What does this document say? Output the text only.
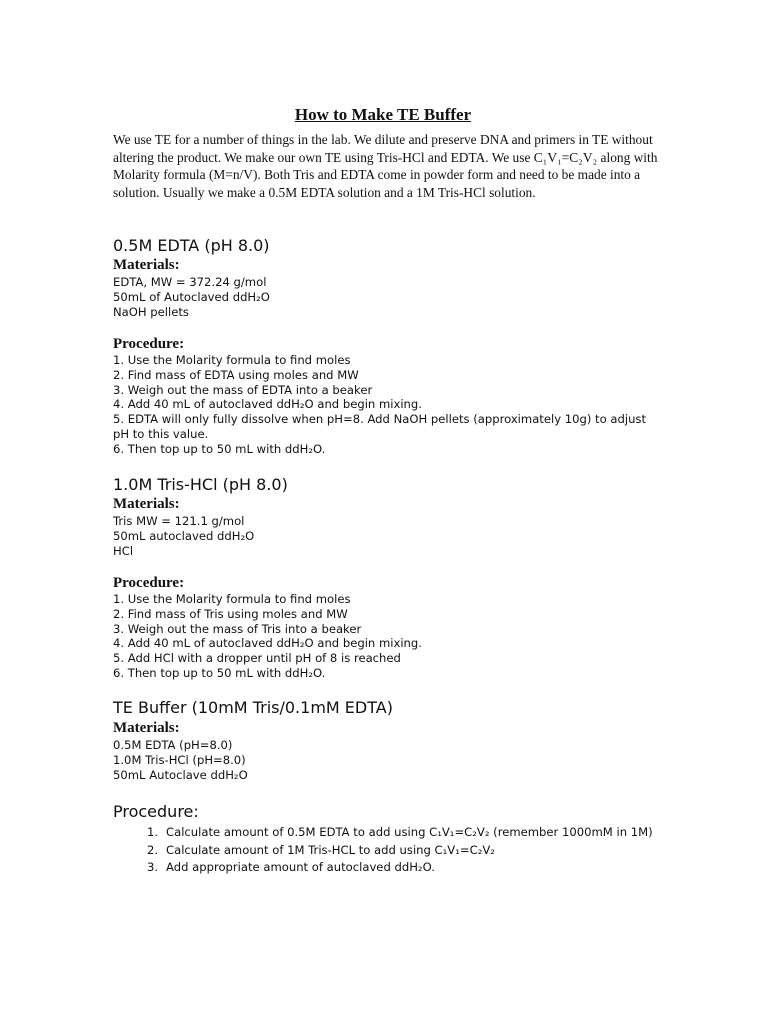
How to Make TE Buffer

We use TE for a number of things in the lab. We dilute and preserve DNA and primers in TE without altering the product. We make our own TE using Tris-HCl and EDTA. We use C₁V₁=C₂V₂ along with Molarity formula (M=n/V). Both Tris and EDTA come in powder form and need to be made into a solution. Usually we make a 0.5M EDTA solution and a 1M Tris-HCl solution.

0.5M EDTA (pH 8.0)
Materials:
EDTA, MW = 372.24 g/mol
50mL of Autoclaved ddH₂O
NaOH pellets
Procedure:
1. Use the Molarity formula to find moles
2. Find mass of EDTA using moles and MW
3. Weigh out the mass of EDTA into a beaker
4. Add 40 mL of autoclaved ddH₂O and begin mixing.
5. EDTA will only fully dissolve when pH=8. Add NaOH pellets (approximately 10g) to adjust pH to this value.
6. Then top up to 50 mL with ddH₂O.
1.0M Tris-HCl (pH 8.0)
Materials:
Tris MW = 121.1 g/mol
50mL autoclaved ddH₂O
HCl
Procedure:
1. Use the Molarity formula to find moles
2. Find mass of Tris using moles and MW
3. Weigh out the mass of Tris into a beaker
4. Add 40 mL of autoclaved ddH₂O and begin mixing.
5. Add HCl with a dropper until pH of 8 is reached
6. Then top up to 50 mL with ddH₂O.
TE Buffer (10mM Tris/0.1mM EDTA)
Materials:
0.5M EDTA (pH=8.0)
1.0M Tris-HCl (pH=8.0)
50mL Autoclave ddH₂O
Procedure:
1. Calculate amount of 0.5M EDTA to add using C₁V₁=C₂V₂ (remember 1000mM in 1M)
2. Calculate amount of 1M Tris-HCL to add using C₁V₁=C₂V₂
3. Add appropriate amount of autoclaved ddH₂O.
